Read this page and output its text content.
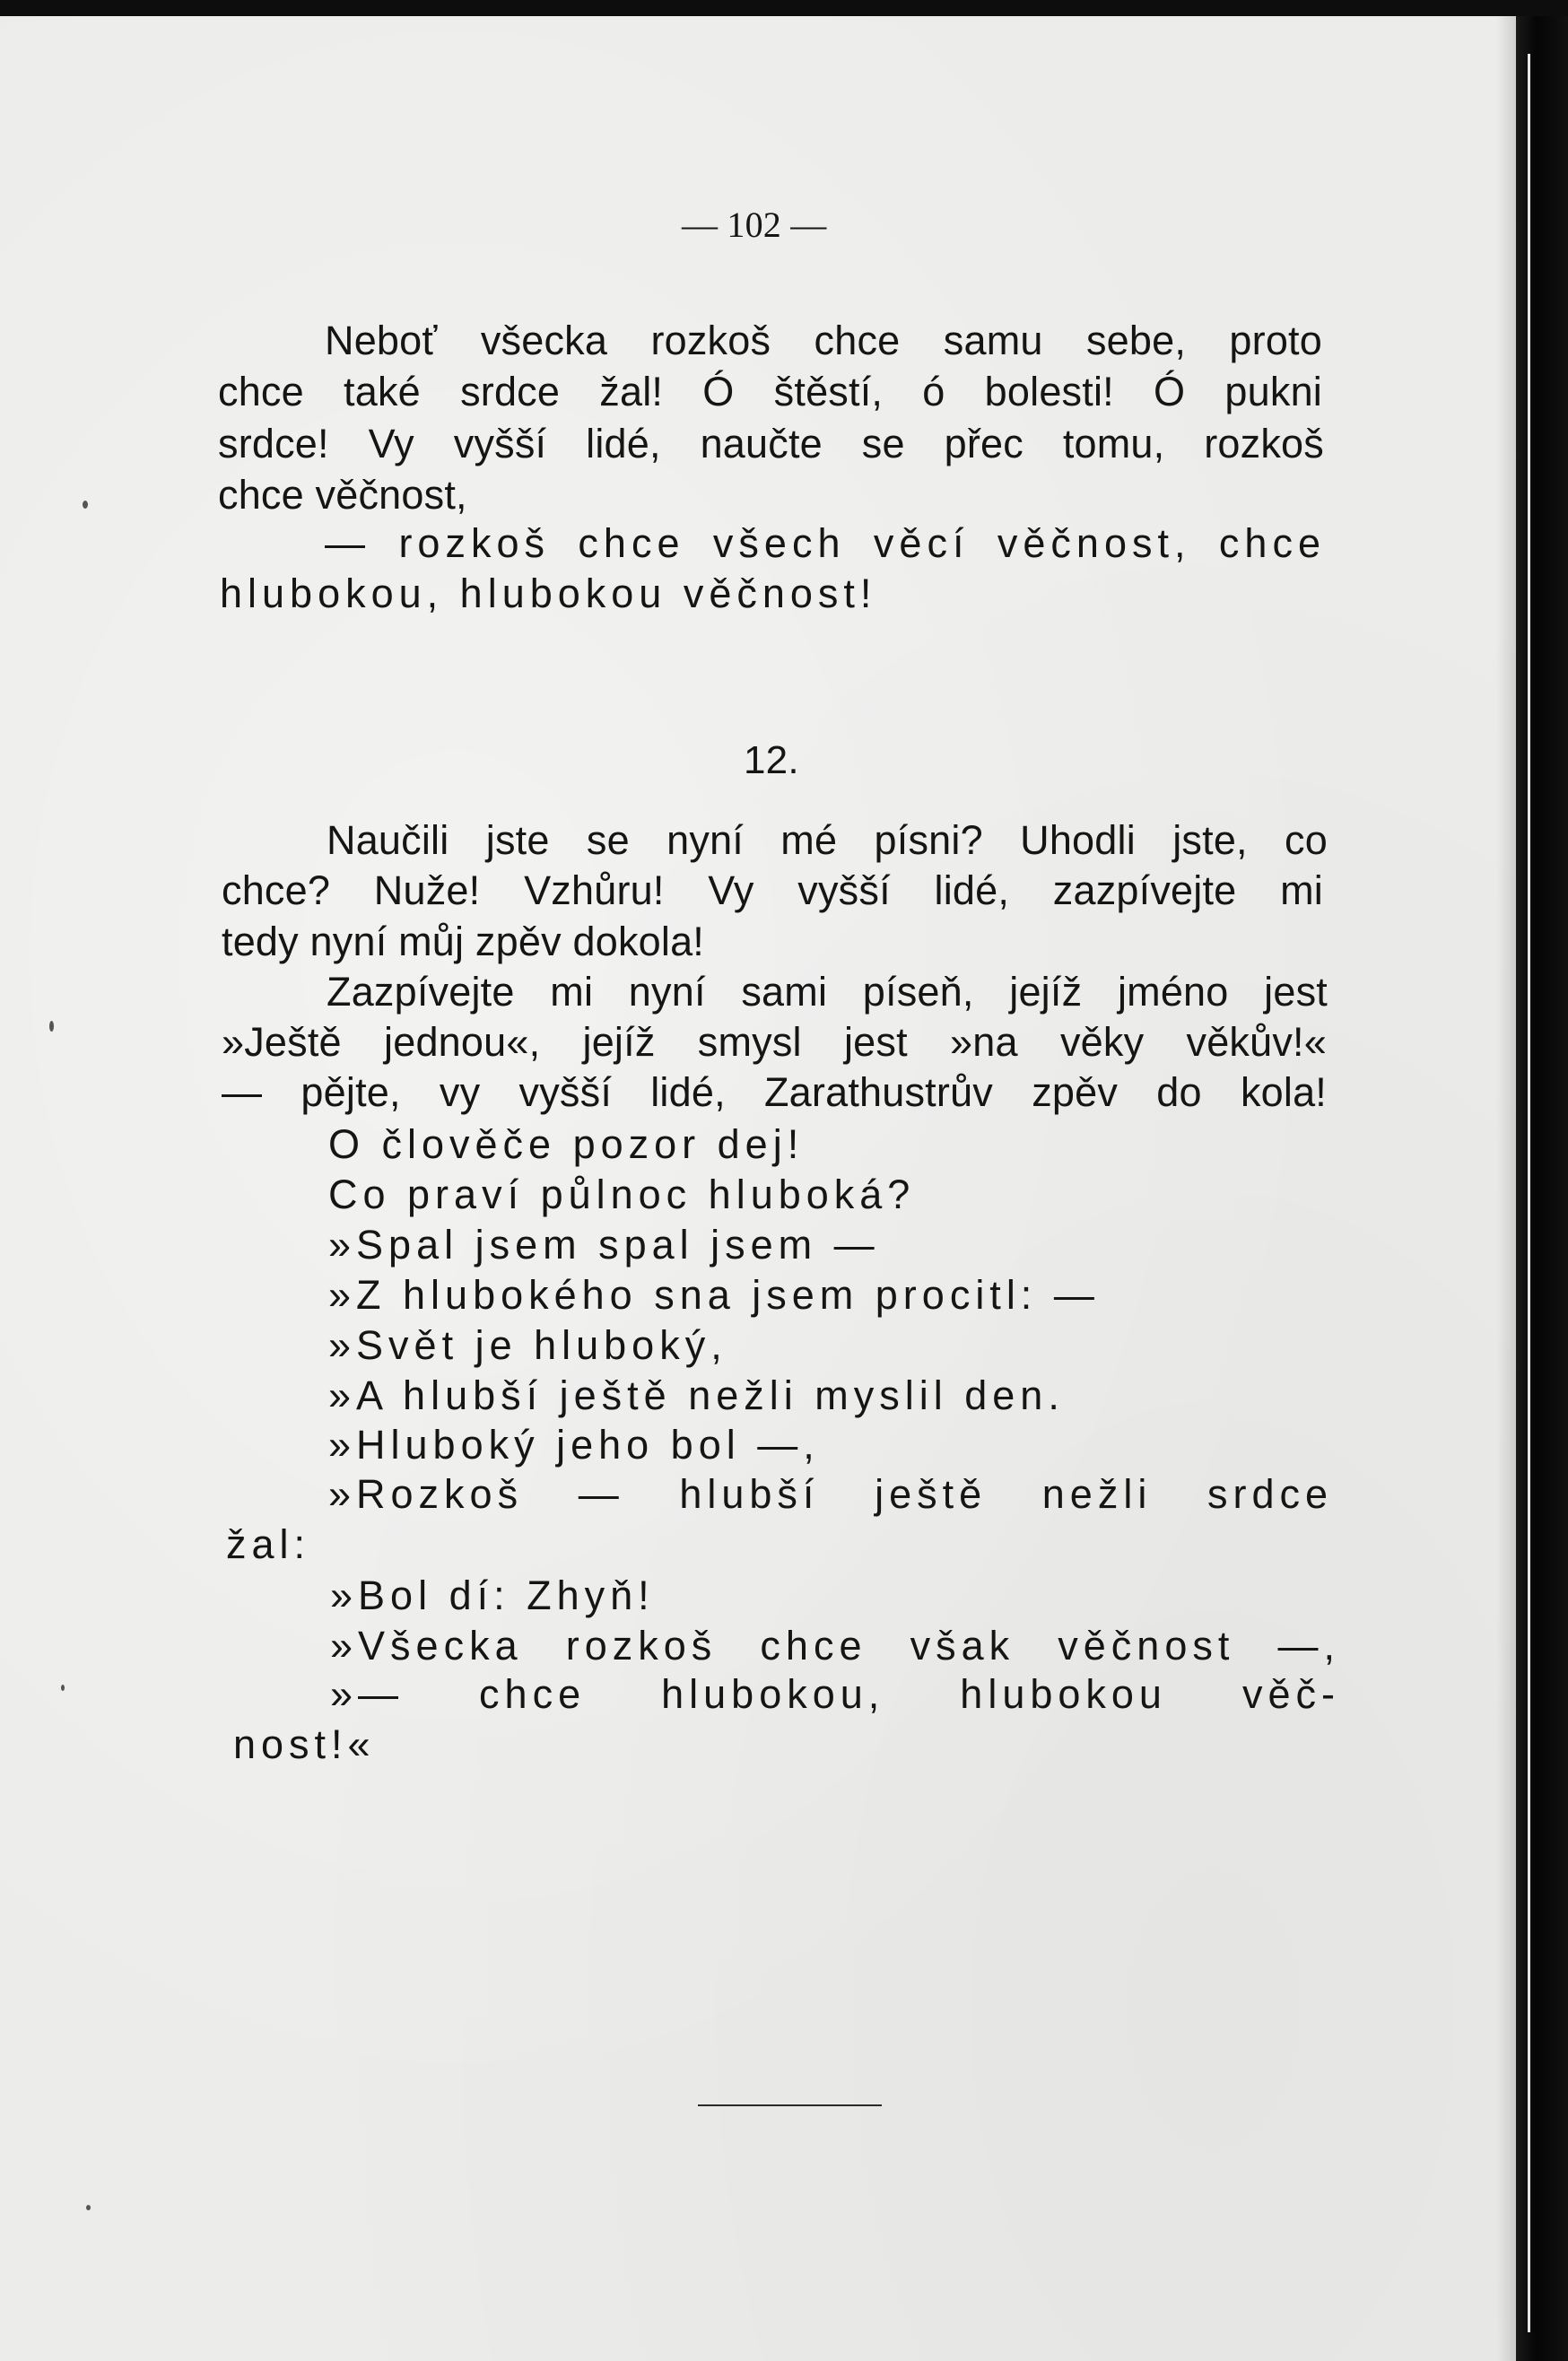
— 102 —
Neboť všecka rozkoš chce samu sebe, proto
chce také srdce žal! Ó štěstí, ó bolesti! Ó pukni
srdce! Vy vyšší lidé, naučte se přec tomu, rozkoš
chce věčnost,
— rozkoš chce všech věcí věčnost, chce
hlubokou, hlubokou věčnost!
12.
Naučili jste se nyní mé písni? Uhodli jste, co
chce? Nuže! Vzhůru! Vy vyšší lidé, zazpívejte mi
tedy nyní můj zpěv dokola!
Zazpívejte mi nyní sami píseň, jejíž jméno jest
»Ještě jednou«, jejíž smysl jest »na věky věkův!«
— pějte, vy vyšší lidé, Zarathustrův zpěv do kola!
O člověče pozor dej!
Co praví půlnoc hluboká?
»Spal jsem spal jsem —
»Z hlubokého sna jsem procitl: —
»Svět je hluboký,
»A hlubší ještě nežli myslil den.
»Hluboký jeho bol —,
»Rozkoš — hlubší ještě nežli srdce
žal:
»Bol dí: Zhyň!
»Všecka rozkoš chce však věčnost —,
»— chce hlubokou, hlubokou věč-
nost!«
